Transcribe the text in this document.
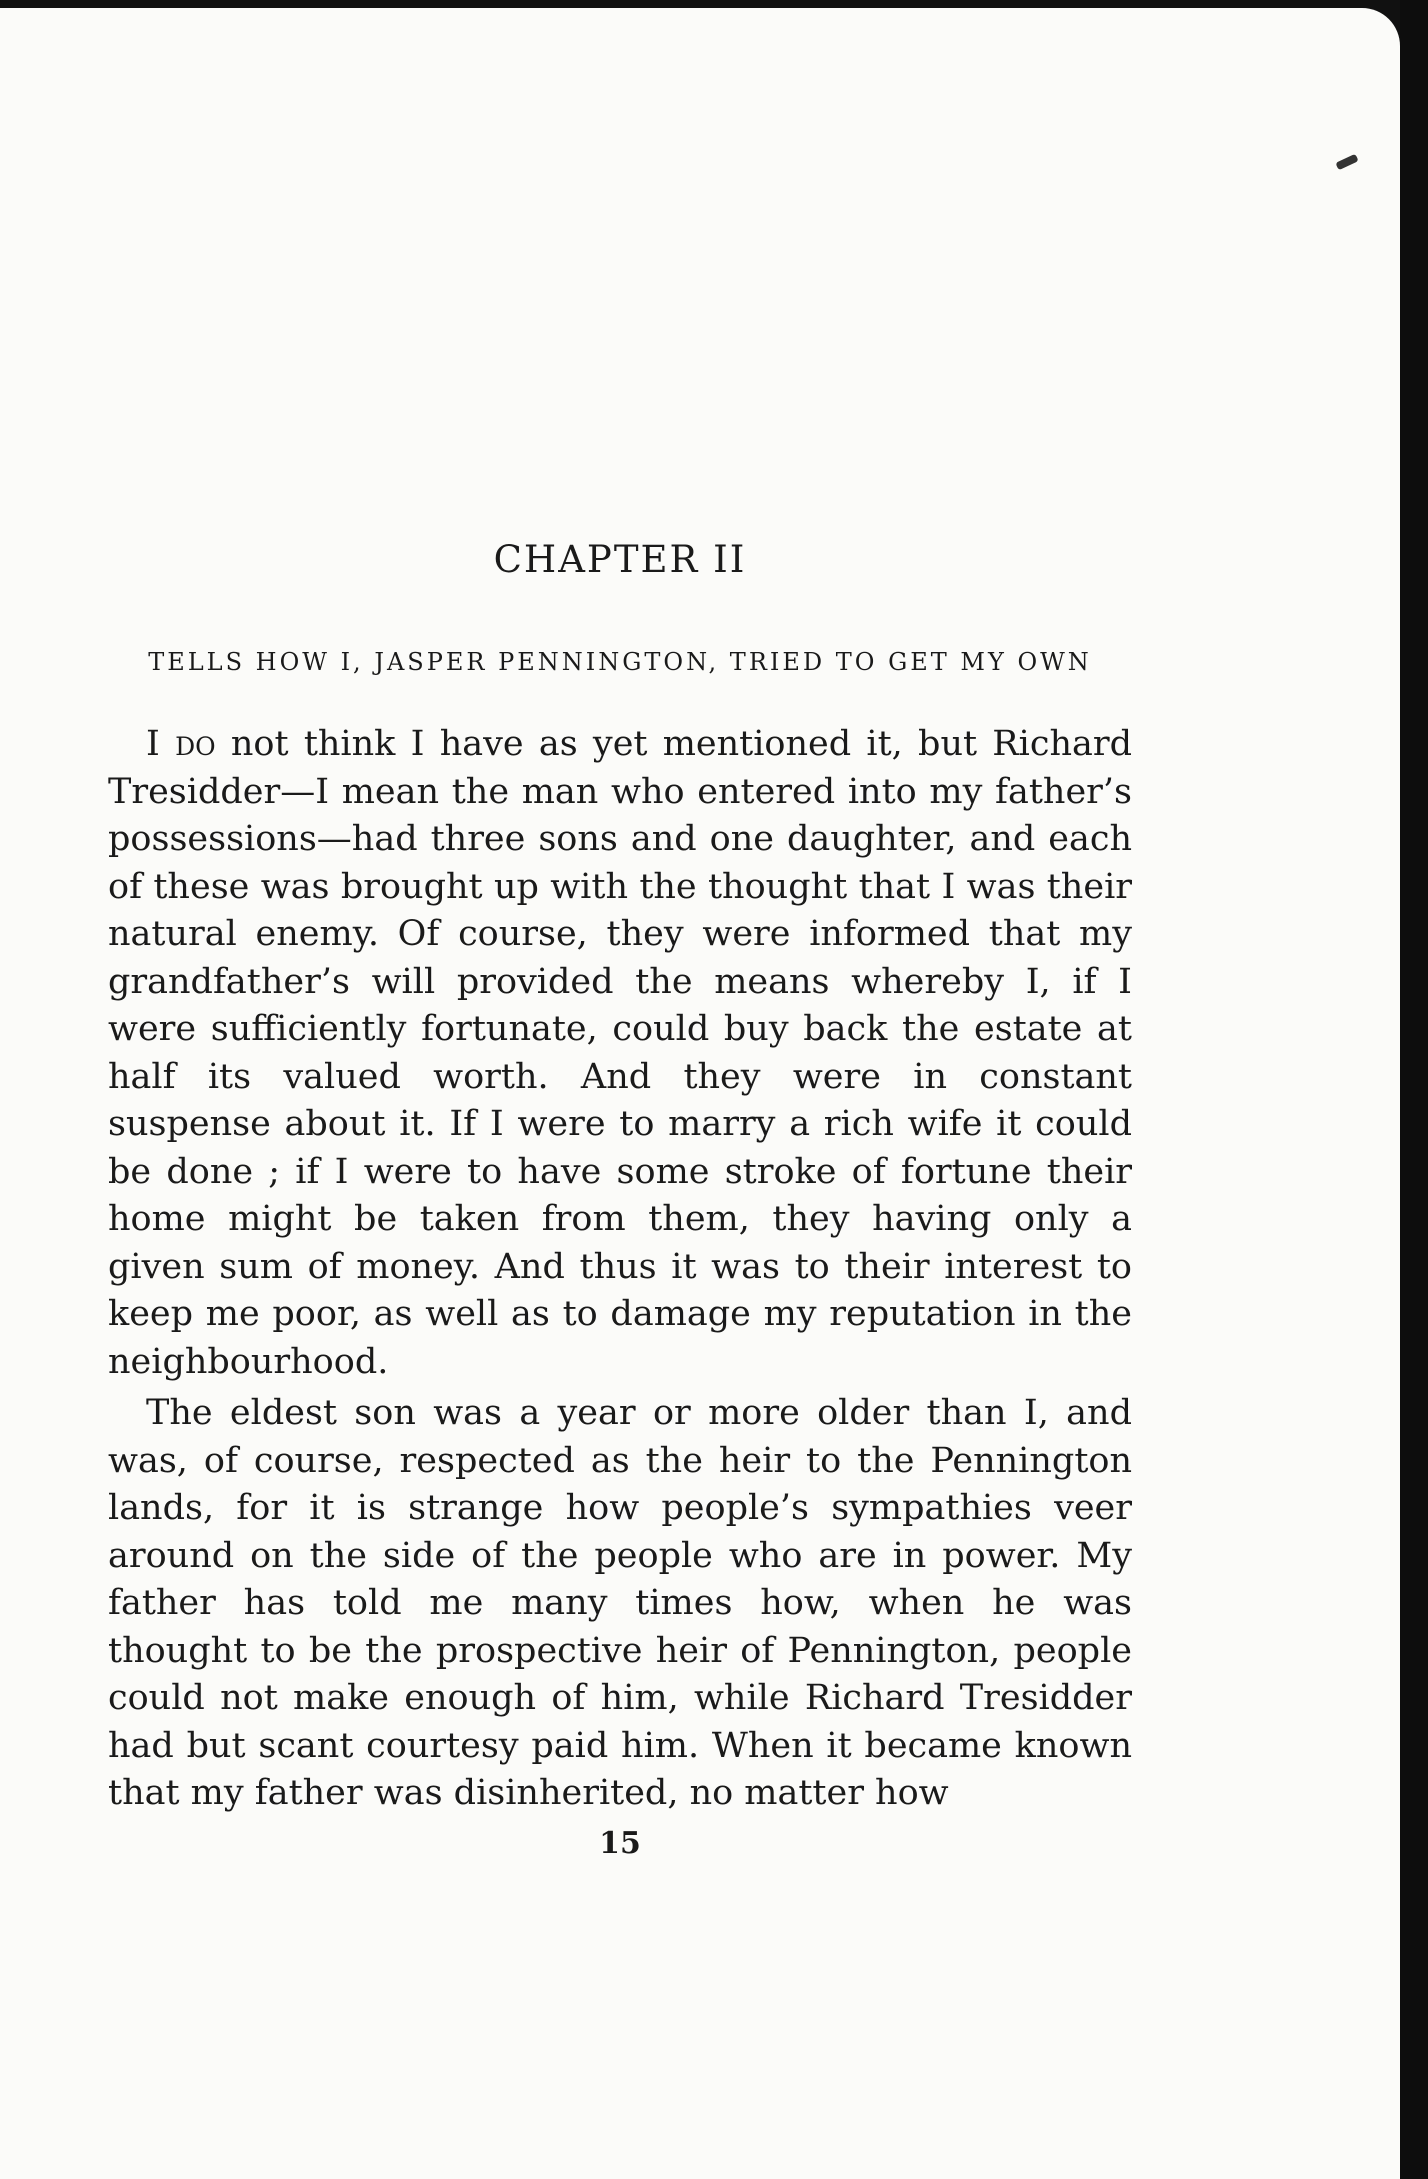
CHAPTER II
TELLS HOW I, JASPER PENNINGTON, TRIED TO GET MY OWN

I do not think I have as yet mentioned it, but Richard Tresidder—I mean the man who entered into my father’s possessions—had three sons and one daughter, and each of these was brought up with the thought that I was their natural enemy. Of course, they were informed that my grandfather’s will provided the means whereby I, if I were sufficiently fortunate, could buy back the estate at half its valued worth. And they were in constant suspense about it. If I were to marry a rich wife it could be done ; if I were to have some stroke of fortune their home might be taken from them, they having only a given sum of money. And thus it was to their interest to keep me poor, as well as to damage my reputation in the neighbourhood.

The eldest son was a year or more older than I, and was, of course, respected as the heir to the Pennington lands, for it is strange how people’s sympathies veer around on the side of the people who are in power. My father has told me many times how, when he was thought to be the prospective heir of Pennington, people could not make enough of him, while Richard Tresidder had but scant courtesy paid him. When it became known that my father was disinherited, no matter how

15
